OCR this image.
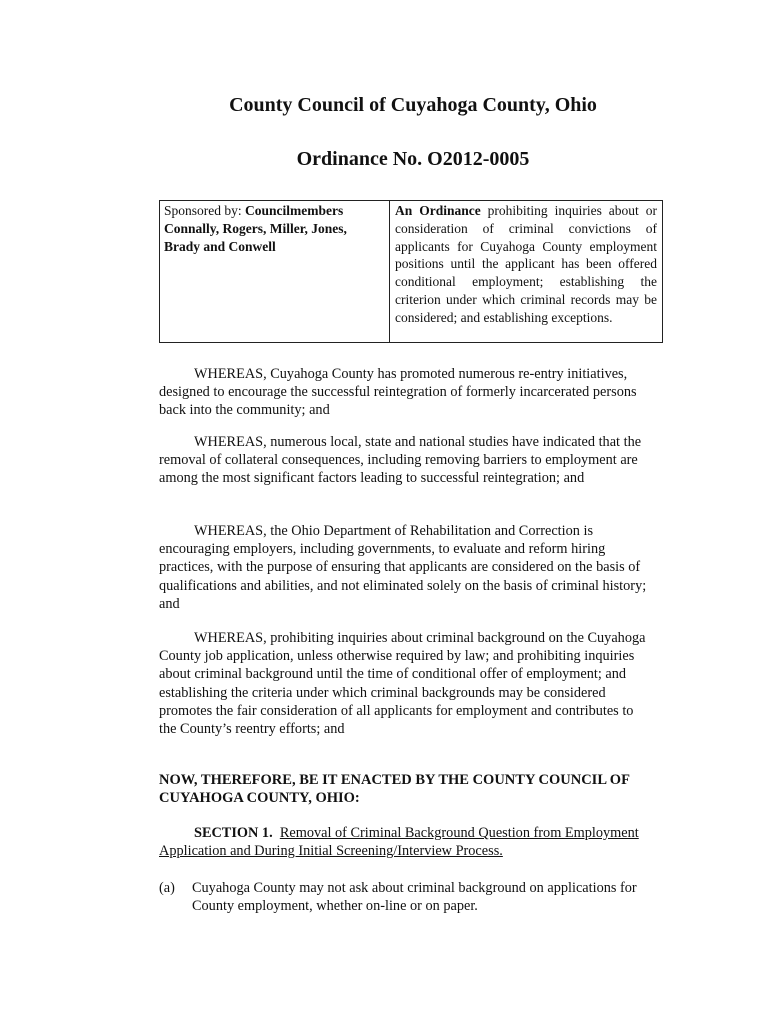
County Council of Cuyahoga County, Ohio
Ordinance No. O2012-0005
Sponsored by: Councilmembers Connally, Rogers, Miller, Jones, Brady and Conwell
An Ordinance prohibiting inquiries about or consideration of criminal convictions of applicants for Cuyahoga County employment positions until the applicant has been offered conditional employment; establishing the criterion under which criminal records may be considered; and establishing exceptions.
WHEREAS, Cuyahoga County has promoted numerous re-entry initiatives, designed to encourage the successful reintegration of formerly incarcerated persons back into the community; and
WHEREAS, numerous local, state and national studies have indicated that the removal of collateral consequences, including removing barriers to employment are among the most significant factors leading to successful reintegration; and
WHEREAS, the Ohio Department of Rehabilitation and Correction is encouraging employers, including governments, to evaluate and reform hiring practices, with the purpose of ensuring that applicants are considered on the basis of qualifications and abilities, and not eliminated solely on the basis of criminal history; and
WHEREAS, prohibiting inquiries about criminal background on the Cuyahoga County job application, unless otherwise required by law; and prohibiting inquiries about criminal background until the time of conditional offer of employment; and establishing the criteria under which criminal backgrounds may be considered promotes the fair consideration of all applicants for employment and contributes to the County’s reentry efforts; and
NOW, THEREFORE, BE IT ENACTED BY THE COUNTY COUNCIL OF CUYAHOGA COUNTY, OHIO:
SECTION 1. Removal of Criminal Background Question from Employment Application and During Initial Screening/Interview Process.
(a) Cuyahoga County may not ask about criminal background on applications for County employment, whether on-line or on paper.
